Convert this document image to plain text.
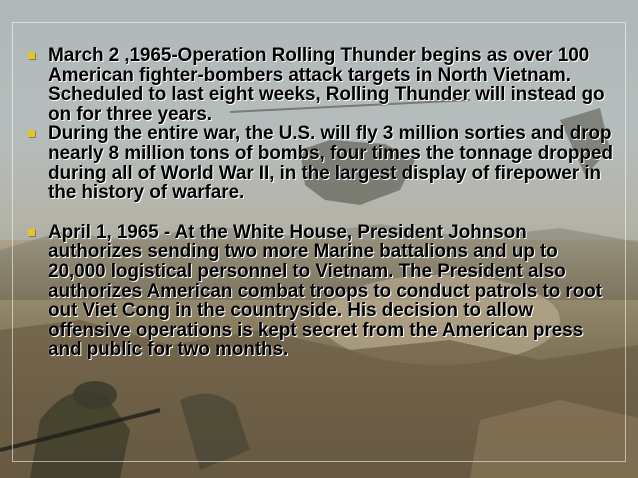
March 2 ,1965-Operation Rolling Thunder begins as over 100 American fighter-bombers attack targets in North Vietnam. Scheduled to last eight weeks, Rolling Thunder will instead go on for three years.
During the entire war, the U.S. will fly 3 million sorties and drop nearly 8 million tons of bombs, four times the tonnage dropped during all of World War II, in the largest display of firepower in the history of warfare.
April 1, 1965 - At the White House, President Johnson authorizes sending two more Marine battalions and up to 20,000 logistical personnel to Vietnam. The President also authorizes American combat troops to conduct patrols to root out Viet Cong in the countryside. His decision to allow offensive operations is kept secret from the American press and public for two months.
